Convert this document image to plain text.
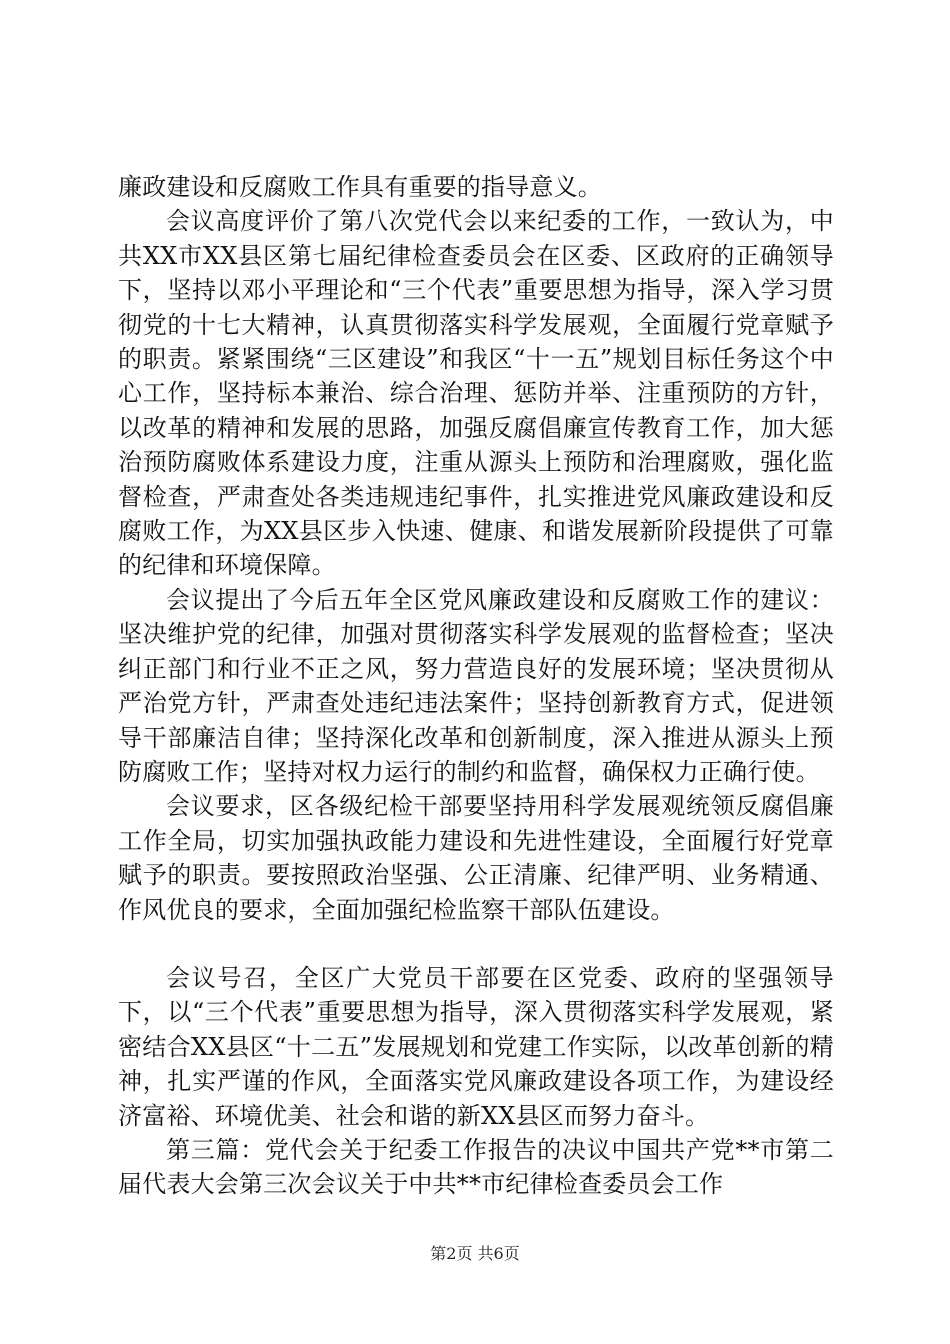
廉政建设和反腐败工作具有重要的指导意义。

会议高度评价了第八次党代会以来纪委的工作，一致认为，中共XX市XX县区第七届纪律检查委员会在区委、区政府的正确领导下，坚持以邓小平理论和“三个代表”重要思想为指导，深入学习贯彻党的十七大精神，认真贯彻落实科学发展观，全面履行党章赋予的职责。紧紧围绕“三区建设”和我区“十一五”规划目标任务这个中心工作，坚持标本兼治、综合治理、惩防并举、注重预防的方针，以改革的精神和发展的思路，加强反腐倡廉宣传教育工作，加大惩治预防腐败体系建设力度，注重从源头上预防和治理腐败，强化监督检查，严肃查处各类违规违纪事件，扎实推进党风廉政建设和反腐败工作，为XX县区步入快速、健康、和谐发展新阶段提供了可靠的纪律和环境保障。

会议提出了今后五年全区党风廉政建设和反腐败工作的建议：坚决维护党的纪律，加强对贯彻落实科学发展观的监督检查；坚决纠正部门和行业不正之风，努力营造良好的发展环境；坚决贯彻从严治党方针，严肃查处违纪违法案件；坚持创新教育方式，促进领导干部廉洁自律；坚持深化改革和创新制度，深入推进从源头上预防腐败工作；坚持对权力运行的制约和监督，确保权力正确行使。

会议要求，区各级纪检干部要坚持用科学发展观统领反腐倡廉工作全局，切实加强执政能力建设和先进性建设，全面履行好党章赋予的职责。要按照政治坚强、公正清廉、纪律严明、业务精通、作风优良的要求，全面加强纪检监察干部队伍建设。

会议号召，全区广大党员干部要在区党委、政府的坚强领导下，以“三个代表”重要思想为指导，深入贯彻落实科学发展观，紧密结合XX县区“十二五”发展规划和党建工作实际，以改革创新的精神，扎实严谨的作风，全面落实党风廉政建设各项工作，为建设经济富裕、环境优美、社会和谐的新XX县区而努力奋斗。

第三篇：党代会关于纪委工作报告的决议中国共产党**市第二届代表大会第三次会议关于中共**市纪律检查委员会工作

第2页 共6页
